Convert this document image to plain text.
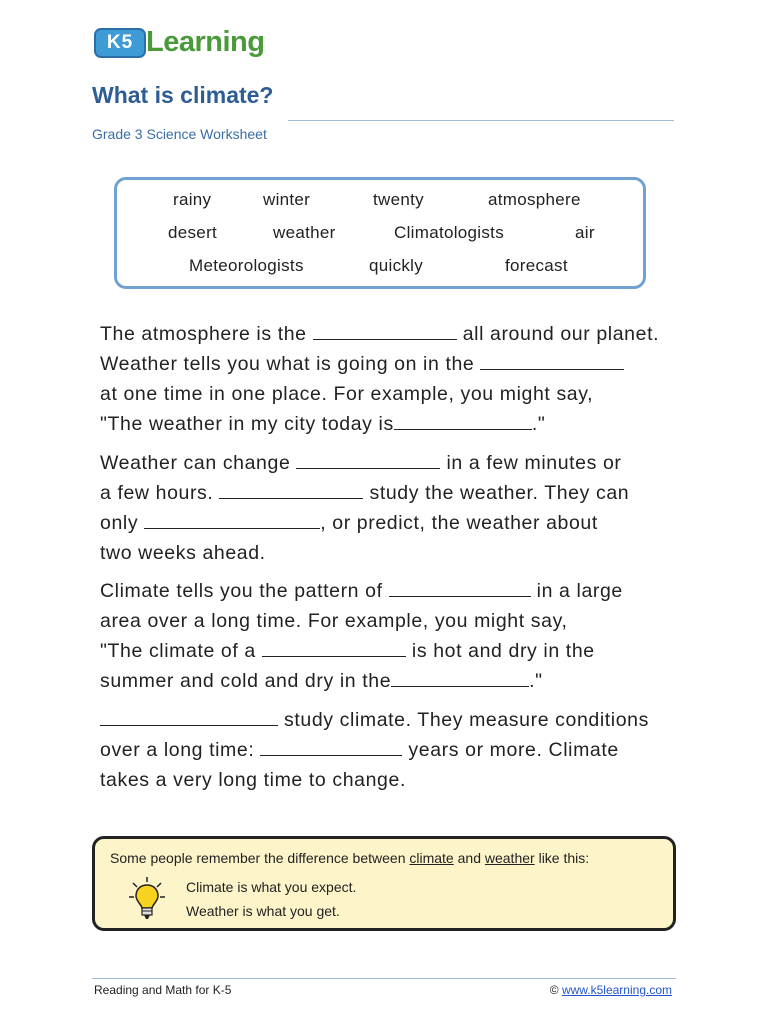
K5 Learning
What is climate?
Grade 3 Science Worksheet
rainy	winter	twenty	atmosphere
desert	weather	Climatologists	air
Meteorologists	quickly	forecast
The atmosphere is the	all around our planet.
Weather tells you what is going on in the
at one time in one place. For example, you might say,
"The weather in my city today is	."
Weather can change	in a few minutes or
a few hours.	study the weather. They can
only	, or predict, the weather about
two weeks ahead.
Climate tells you the pattern of	in a large
area over a long time. For example, you might say,
"The climate of a	is hot and dry in the
summer and cold and dry in the	."
study climate. They measure conditions
over a long time:	years or more. Climate
takes a very long time to change.
Some people remember the difference between climate and weather like this:
Climate is what you expect.
Weather is what you get.
Reading and Math for K-5	© www.k5learning.com
